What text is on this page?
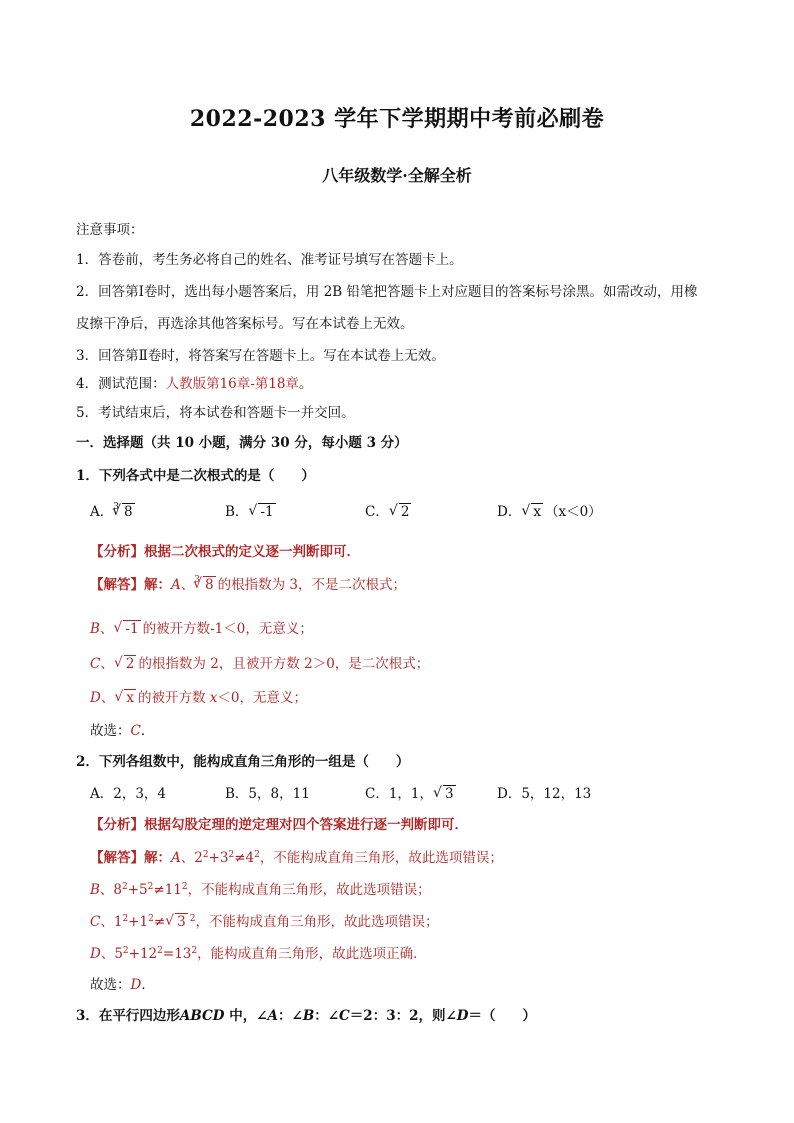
2022-2023 学年下学期期中考前必刷卷
八年级数学·全解全析
注意事项：
1．答卷前，考生务必将自己的姓名、准考证号填写在答题卡上。
2．回答第Ⅰ卷时，选出每小题答案后，用 2B 铅笔把答题卡上对应题目的答案标号涂黑。如需改动，用橡
皮擦干净后，再选涂其他答案标号。写在本试卷上无效。
3．回答第Ⅱ卷时，将答案写在答题卡上。写在本试卷上无效。
4．测试范围：人教版第16章-第18章。
5．考试结束后，将本试卷和答题卡一并交回。
一．选择题（共 10 小题，满分 30 分，每小题 3 分）
1．下列各式中是二次根式的是（　　）
A．$^3$√ 8	B．√ -1	C．√ 2	D．√ x （x＜0）
【分析】根据二次根式的定义逐一判断即可．
【解答】解：A、$^3$√ 8 的根指数为 3，不是二次根式；
B、√ -1 的被开方数-1＜0，无意义；
C、√ 2 的根指数为 2，且被开方数 2＞0，是二次根式；
D、√ x 的被开方数 x＜0，无意义；
故选：C．
2．下列各组数中，能构成直角三角形的一组是（　　）
A．2，3，4	B．5，8，11	C．1，1，√ 3	D．5，12，13
【分析】根据勾股定理的逆定理对四个答案进行逐一判断即可．
【解答】解：A、$2^2+3^2\ne 4^2$，不能构成直角三角形，故此选项错误；
B、$8^2+5^2\ne 11^2$，不能构成直角三角形，故此选项错误；
C、$1^2+1^2\ne√$ 3 $^2$，不能构成直角三角形，故此选项错误；
D、$5^2+12^2=13^2$，能构成直角三角形，故此选项正确．
故选：D．
3．在平行四边形ABCD 中，∠A：∠B：∠C＝2：3：2，则∠D＝（　　）
